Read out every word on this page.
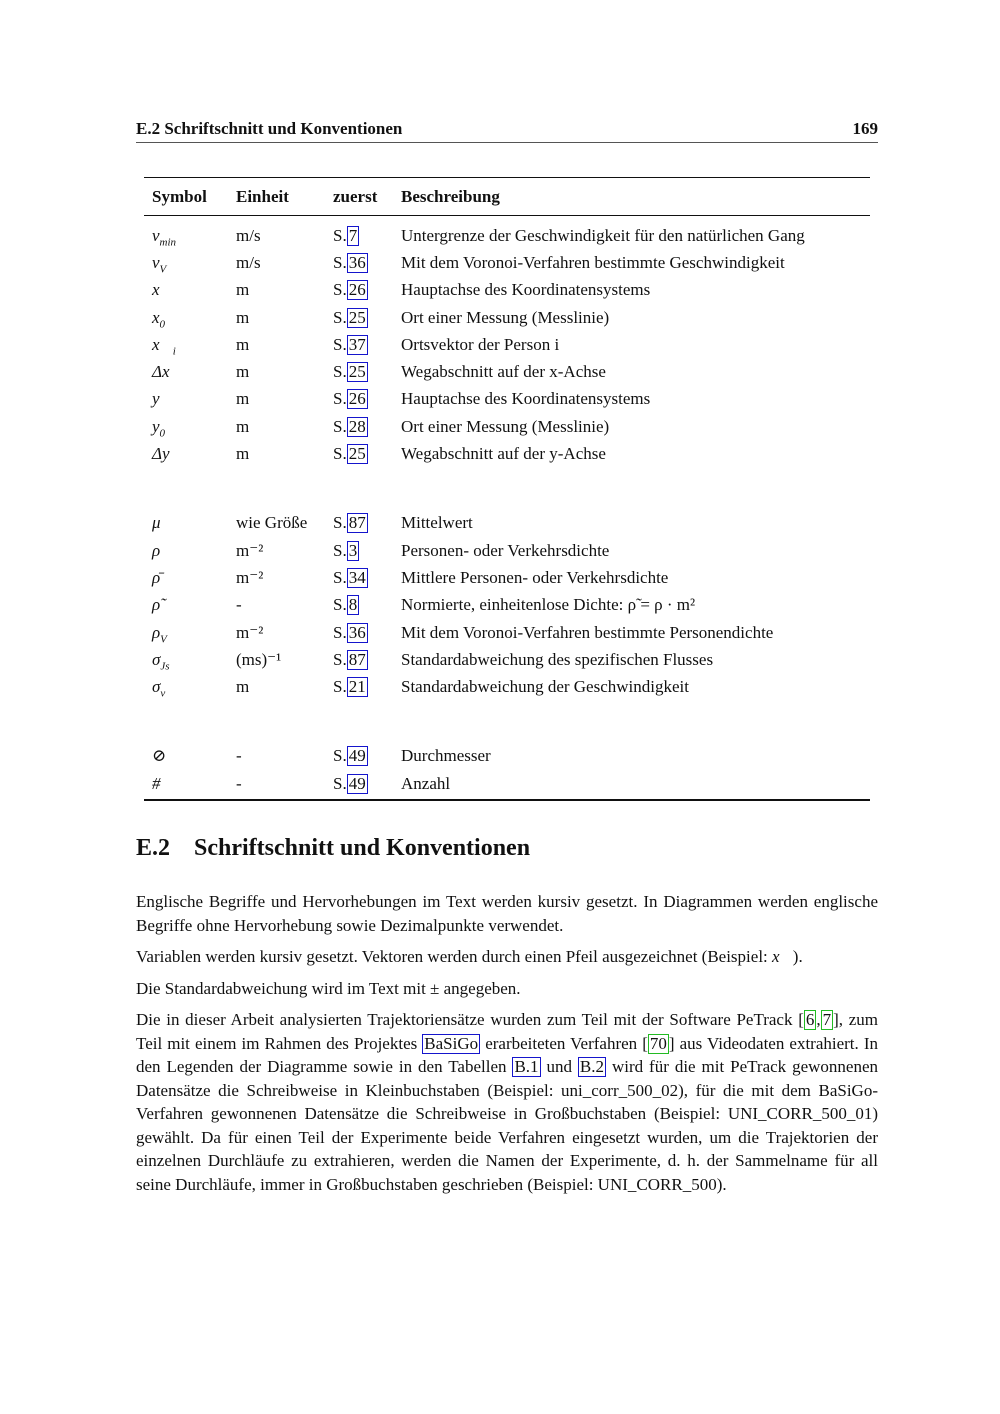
E.2 Schriftschnitt und Konventionen	169
Symbol	Einheit	zuerst	Beschreibung
$v_{min}$	m/s	S. 7	Untergrenze der Geschwindigkeit für den natürlichen Gang
$v_V$	m/s	S. 36	Mit dem Voronoi-Verfahren bestimmte Geschwindigkeit
x	m	S. 26	Hauptachse des Koordinatensystems
$x_0$	m	S. 25	Ort einer Messung (Messlinie)
$x⃗_i$	m	S. 37	Ortsvektor der Person i
Δx	m	S. 25	Wegabschnitt auf der x-Achse
y	m	S. 26	Hauptachse des Koordinatensystems
$y_0$	m	S. 28	Ort einer Messung (Messlinie)
Δy	m	S. 25	Wegabschnitt auf der y-Achse
μ	wie Größe	S. 87	Mittelwert
ρ	m⁻²	S. 3	Personen- oder Verkehrsdichte
ρ̄	m⁻²	S. 34	Mittlere Personen- oder Verkehrsdichte
ρ̃	-	S. 8	Normierte, einheitenlose Dichte: ρ̃ = ρ · m²
$\rho_V$	m⁻²	S. 36	Mit dem Voronoi-Verfahren bestimmte Personendichte
$\sigma_{Js}$	(ms)⁻¹	S. 87	Standardabweichung des spezifischen Flusses
$\sigma_v$	m	S. 21	Standardabweichung der Geschwindigkeit
⊘	-	S. 49	Durchmesser
#	-	S. 49	Anzahl
E.2 Schriftschnitt und Konventionen

Englische Begriffe und Hervorhebungen im Text werden kursiv gesetzt. In Diagrammen werden englische Begriffe ohne Hervorhebung sowie Dezimalpunkte verwendet.

Variablen werden kursiv gesetzt. Vektoren werden durch einen Pfeil ausgezeichnet (Beispiel: x⃗).

Die Standardabweichung wird im Text mit ± angegeben.

Die in dieser Arbeit analysierten Trajektoriensätze wurden zum Teil mit der Software PeTrack [ 6 , 7 ], zum Teil mit einem im Rahmen des Projektes BaSiGo erarbeiteten Verfahren [ 70 ] aus Videodaten extrahiert. In den Legenden der Diagramme sowie in den Tabellen B.1 und B.2 wird für die mit PeTrack gewonnenen Datensätze die Schreibweise in Kleinbuchstaben (Beispiel: uni_corr_500_02), für die mit dem BaSiGo-Verfahren gewonnenen Datensätze die Schreibweise in Großbuchstaben (Beispiel: UNI_CORR_500_01) gewählt. Da für einen Teil der Experimente beide Verfahren eingesetzt wurden, um die Trajektorien der einzelnen Durchläufe zu extrahieren, werden die Namen der Experimente, d. h. der Sammelname für all seine Durchläufe, immer in Großbuchstaben geschrieben (Beispiel: UNI_CORR_500).
